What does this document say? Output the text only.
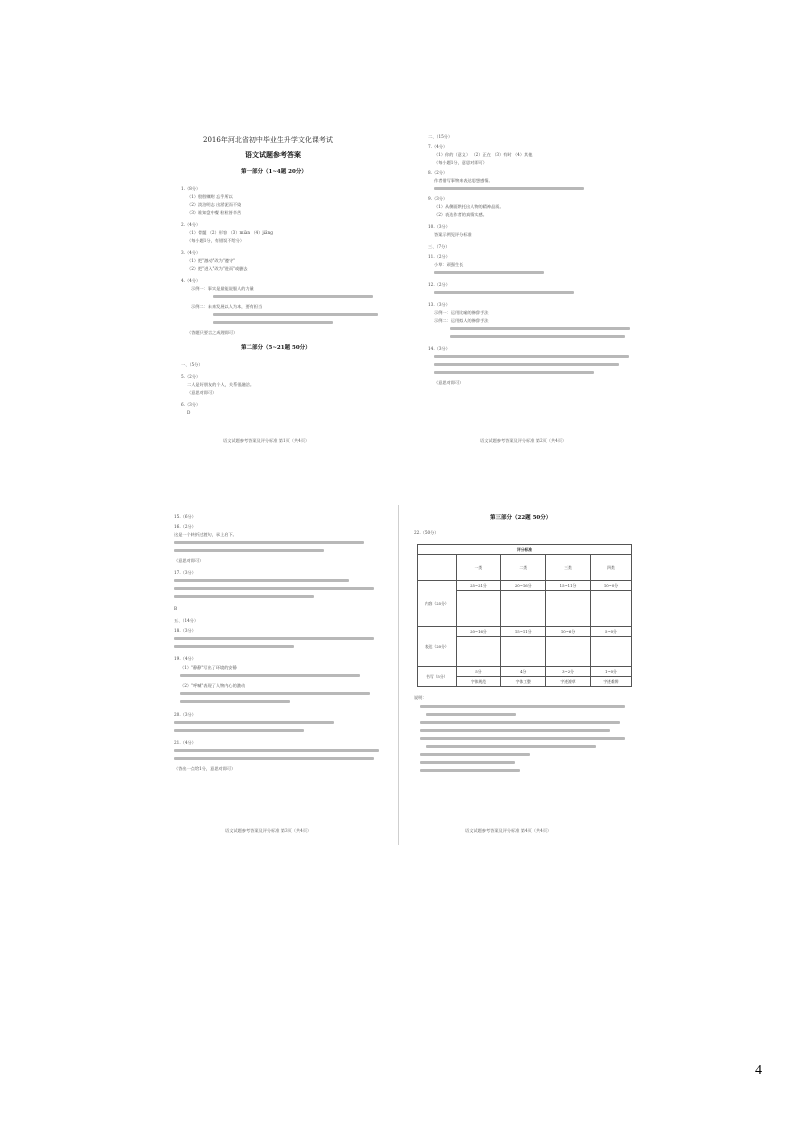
2016年河北省初中毕业生升学文化课考试
语文试题参考答案
第一部分（1~4题 20分）
1.（8分）
（1）殷殷嘱咐 忘乎所以
（2）淡泊明志 出淤泥而不染
（3）谁知盘中餐 粒粒皆辛苦
2.（4分）
（1）骨髓 （2）形容 （3）miàn （4）jiǎng
（每小题1分，有错误不给分）
3.（4分）
（1）把"激动"改为"遵守"
（2）把"进入"改为"进而"或删去
4.（4分）
示例一：事实是最能说服人的力量
示例二：未来发展以人为本，要有担当
（答题只要言之成理即可）
第二部分（5~21题 50分）
一、（5分）
5.（2分）
二人是好朋友的个人，关系很融洽。
（意思对即可）
6.（3分）
D
语文试题参考答案及评分标准 第1页（共4页）
二、（15分）
7.（4分）
（1）你的（意义） （2）正在 （3）有时 （4）其他
（每小题1分，意思对即可）
8.（2分）
作者借写事物来表达思想感情。
9.（3分）
（1）从侧面烘托出人物的精神品质。
（2）表达作者的真情实感。
10.（3分）
答案示例见评分标准
三、（7分）
11.（2分）
小草：顽强生长
12.（2分）
13.（3分）
示例一：运用比喻的修辞手法
示例二：运用拟人的修辞手法
14.（3分）
（意思对即可）
语文试题参考答案及评分标准 第2页（共4页）
15.（6分）
16.（2分）
这是一个转折过渡句，承上启下。
（意思对即可）
17.（3分）
B
五、（14分）
18.（3分）
19.（4分）
（1）"静静"写出了环境的安静
（2）"呼喊"表现了人物内心的激动
20.（3分）
21.（4分）
（答出一点给1分，意思对即可）
语文试题参考答案及评分标准 第3页（共4页）
第三部分（22题 50分）
22.（50分）
语文试题参考答案及评分标准 第4页（共4页）
评分标准				
	一类	二类	三类	四类
内容（25分）	25~21分	20~16分	15~11分	10~0分

表达（20分）	20~16分	15~11分	10~6分	5~0分

书写（5分）	5分	4分	3~2分	1~0分
	字体规范	字体工整	字迹潦草	字迹难辨
说明：
4
